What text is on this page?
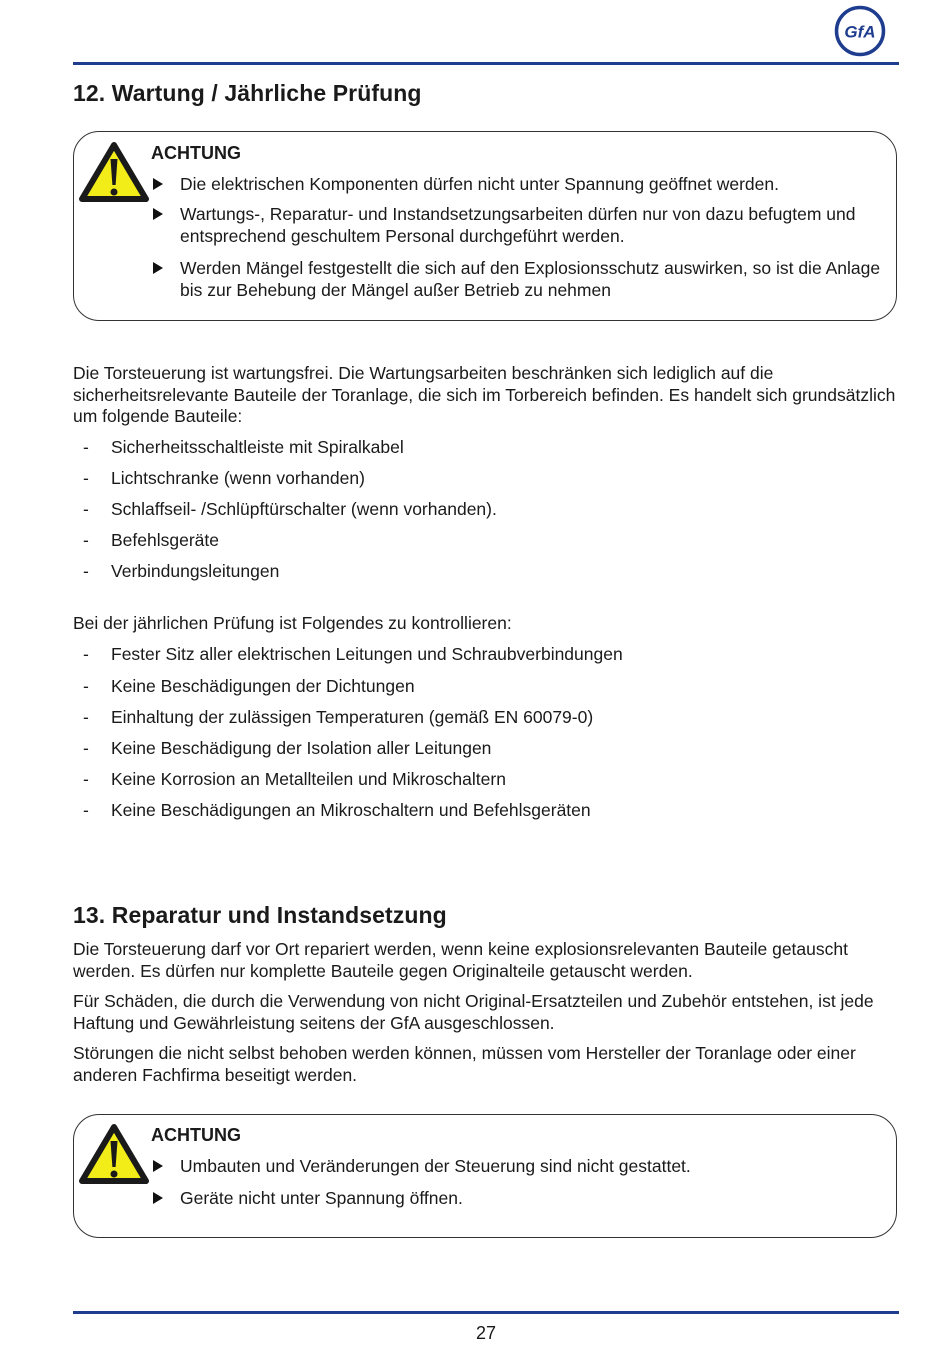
GfA
12. Wartung / Jährliche Prüfung
ACHTUNG
Die elektrischen Komponenten dürfen nicht unter Spannung geöffnet werden.
Wartungs-, Reparatur- und Instandsetzungsarbeiten dürfen nur von dazu befugtem und entsprechend geschultem Personal durchgeführt werden.
Werden Mängel festgestellt die sich auf den Explosionsschutz auswirken, so ist die Anlage bis zur Behebung der Mängel außer Betrieb zu nehmen

Die Torsteuerung ist wartungsfrei. Die Wartungsarbeiten beschränken sich lediglich auf die sicherheitsrelevante Bauteile der Toranlage, die sich im Torbereich befinden. Es handelt sich grundsätzlich um folgende Bauteile:

- Sicherheitsschaltleiste mit Spiralkabel
- Lichtschranke (wenn vorhanden)
- Schlaffseil- /Schlüpftürschalter (wenn vorhanden).
- Befehlsgeräte
- Verbindungsleitungen

Bei der jährlichen Prüfung ist Folgendes zu kontrollieren:

- Fester Sitz aller elektrischen Leitungen und Schraubverbindungen
- Keine Beschädigungen der Dichtungen
- Einhaltung der zulässigen Temperaturen (gemäß EN 60079-0)
- Keine Beschädigung der Isolation aller Leitungen
- Keine Korrosion an Metallteilen und Mikroschaltern
- Keine Beschädigungen an Mikroschaltern und Befehlsgeräten
13. Reparatur und Instandsetzung

Die Torsteuerung darf vor Ort repariert werden, wenn keine explosionsrelevanten Bauteile getauscht werden. Es dürfen nur komplette Bauteile gegen Originalteile getauscht werden.

Für Schäden, die durch die Verwendung von nicht Original-Ersatzteilen und Zubehör entstehen, ist jede Haftung und Gewährleistung seitens der GfA ausgeschlossen.

Störungen die nicht selbst behoben werden können, müssen vom Hersteller der Toranlage oder einer anderen Fachfirma beseitigt werden.

ACHTUNG
Umbauten und Veränderungen der Steuerung sind nicht gestattet.
Geräte nicht unter Spannung öffnen.
27
